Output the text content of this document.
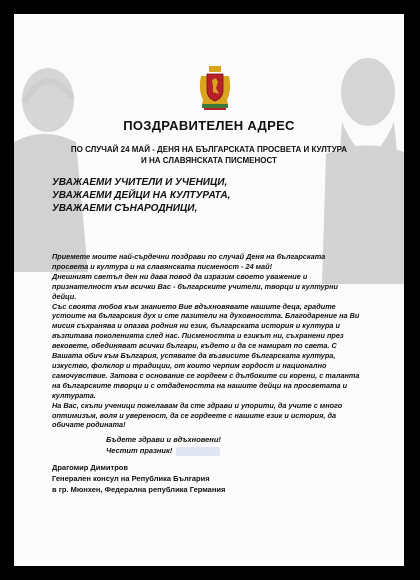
ПОЗДРАВИТЕЛЕН АДРЕС
ПО СЛУЧАЙ 24 МАЙ - ДЕНЯ НА БЪЛГАРСКАТА ПРОСВЕТА И КУЛТУРА
И НА СЛАВЯНСКАТА ПИСМЕНОСТ
УВАЖАЕМИ УЧИТЕЛИ И УЧЕНИЦИ,
УВАЖАЕМИ ДЕЙЦИ НА КУЛТУРАТА,
УВАЖАЕМИ СЪНАРОДНИЦИ,

Приемете моите най-сърдечни поздрави по случай Деня на българската

просвета и култура и на славянската писменост - 24 май!

Днешният светъл ден ни дава повод да изразим своето уважение и

признателност към всички Вас - българските учители, творци и културни

дейци.

Със своята любов към знанието Вие вдъхновявате нашите деца, градите

устоите на българския дух и сте пазители на духовността. Благодарение на Ви

мисия съхранява и опазва родния ни език, българската история и култура и

възпитава поколенията след нас. Писмеността и езикът ни, съхранени през

вековете, обединяват всички българи, където и да се намират по света. С

Вашата обич към България, успявате да възвисите българската култура,

изкуство, фолклор и традиции, от които черпим гордост и национално

самочувствие. Затова с основание се гордеем с дълбоките си корени, с таланта

на българските творци и с отдадеността на нашите дейци на просветата и

културата.

На Вас, скъпи ученици пожелавам да сте здрави и упорити, да учите с много

оптимизъм, воля и увереност, да се гордеете с нашите език и история, да

обичате родината!

Бъдете здрави и вдъхновени!
Честит празник!
Драгомир Димитров
Генерален консул на Република България
в гр. Мюнхен, Федерална република Германия
